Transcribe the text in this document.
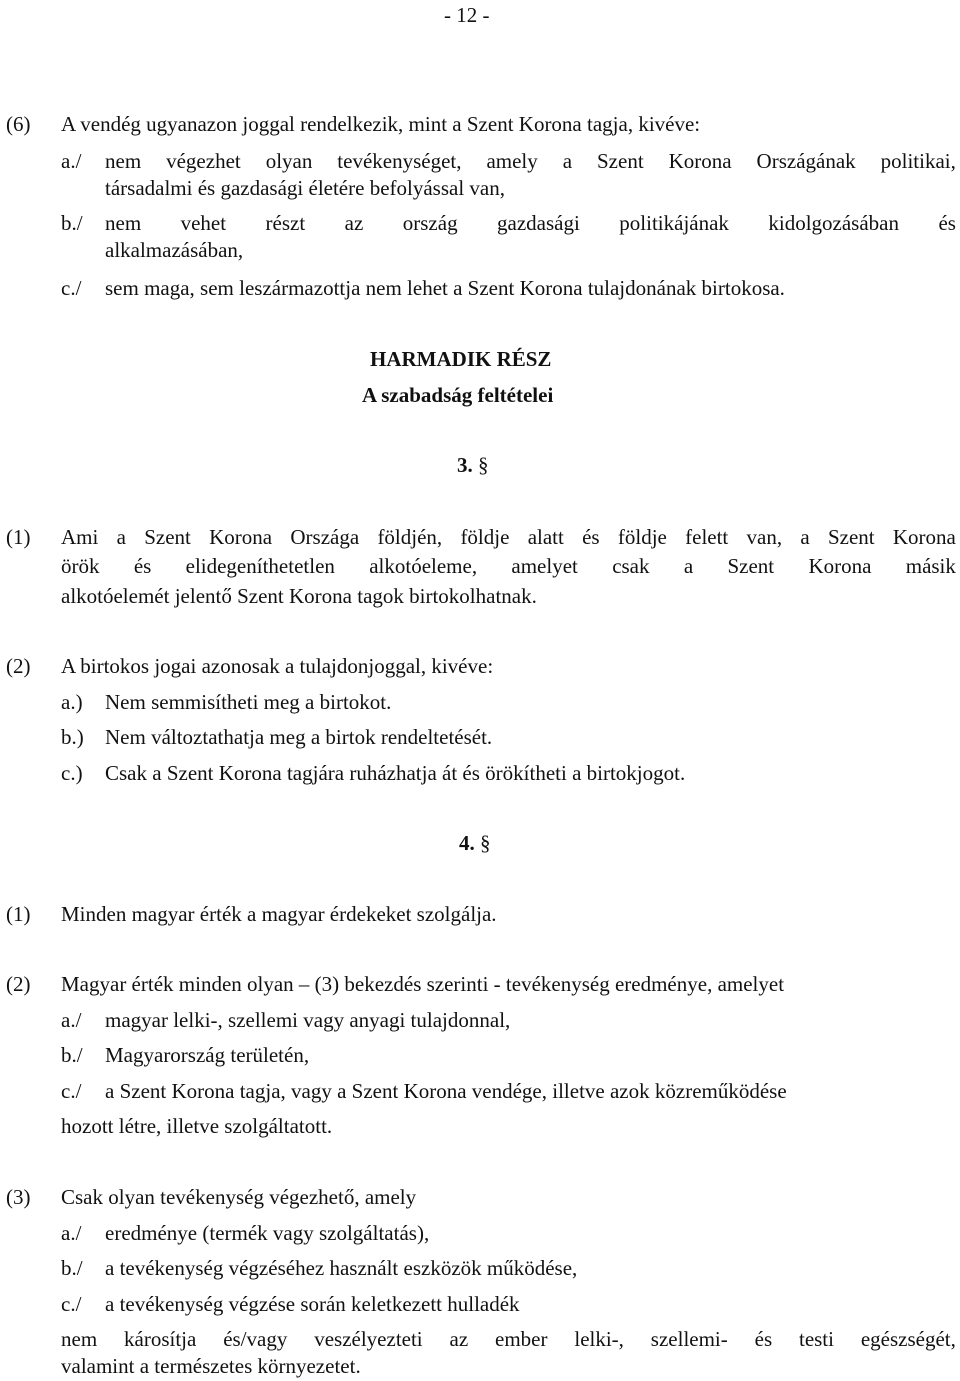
- 12 -
(6) A vendég ugyanazon joggal rendelkezik, mint a Szent Korona tagja, kivéve:
a./ nem végezhet olyan tevékenységet, amely a Szent Korona Országának politikai,
társadalmi és gazdasági életére befolyással van,
b./ nem vehet részt az ország gazdasági politikájának kidolgozásában és
alkalmazásában,
c./ sem maga, sem leszármazottja nem lehet a Szent Korona tulajdonának birtokosa.
HARMADIK RÉSZ
A szabadság feltételei
3. §
(1) Ami a Szent Korona Országa földjén, földje alatt és földje felett van, a Szent Korona
örök és elidegeníthetetlen alkotóeleme, amelyet csak a Szent Korona másik
alkotóelemét jelentő Szent Korona tagok birtokolhatnak.
(2) A birtokos jogai azonosak a tulajdonjoggal, kivéve:
a.) Nem semmisítheti meg a birtokot.
b.) Nem változtathatja meg a birtok rendeltetését.
c.) Csak a Szent Korona tagjára ruházhatja át és örökítheti a birtokjogot.
4. §
(1) Minden magyar érték a magyar érdekeket szolgálja.
(2) Magyar érték minden olyan – (3) bekezdés szerinti - tevékenység eredménye, amelyet
a./ magyar lelki-, szellemi vagy anyagi tulajdonnal,
b./ Magyarország területén,
c./ a Szent Korona tagja, vagy a Szent Korona vendége, illetve azok közreműködése
hozott létre, illetve szolgáltatott.
(3) Csak olyan tevékenység végezhető, amely
a./ eredménye (termék vagy szolgáltatás),
b./ a tevékenység végzéséhez használt eszközök működése,
c./ a tevékenység végzése során keletkezett hulladék
nem károsítja és/vagy veszélyezteti az ember lelki-, szellemi- és testi egészségét,
valamint a természetes környezetet.
